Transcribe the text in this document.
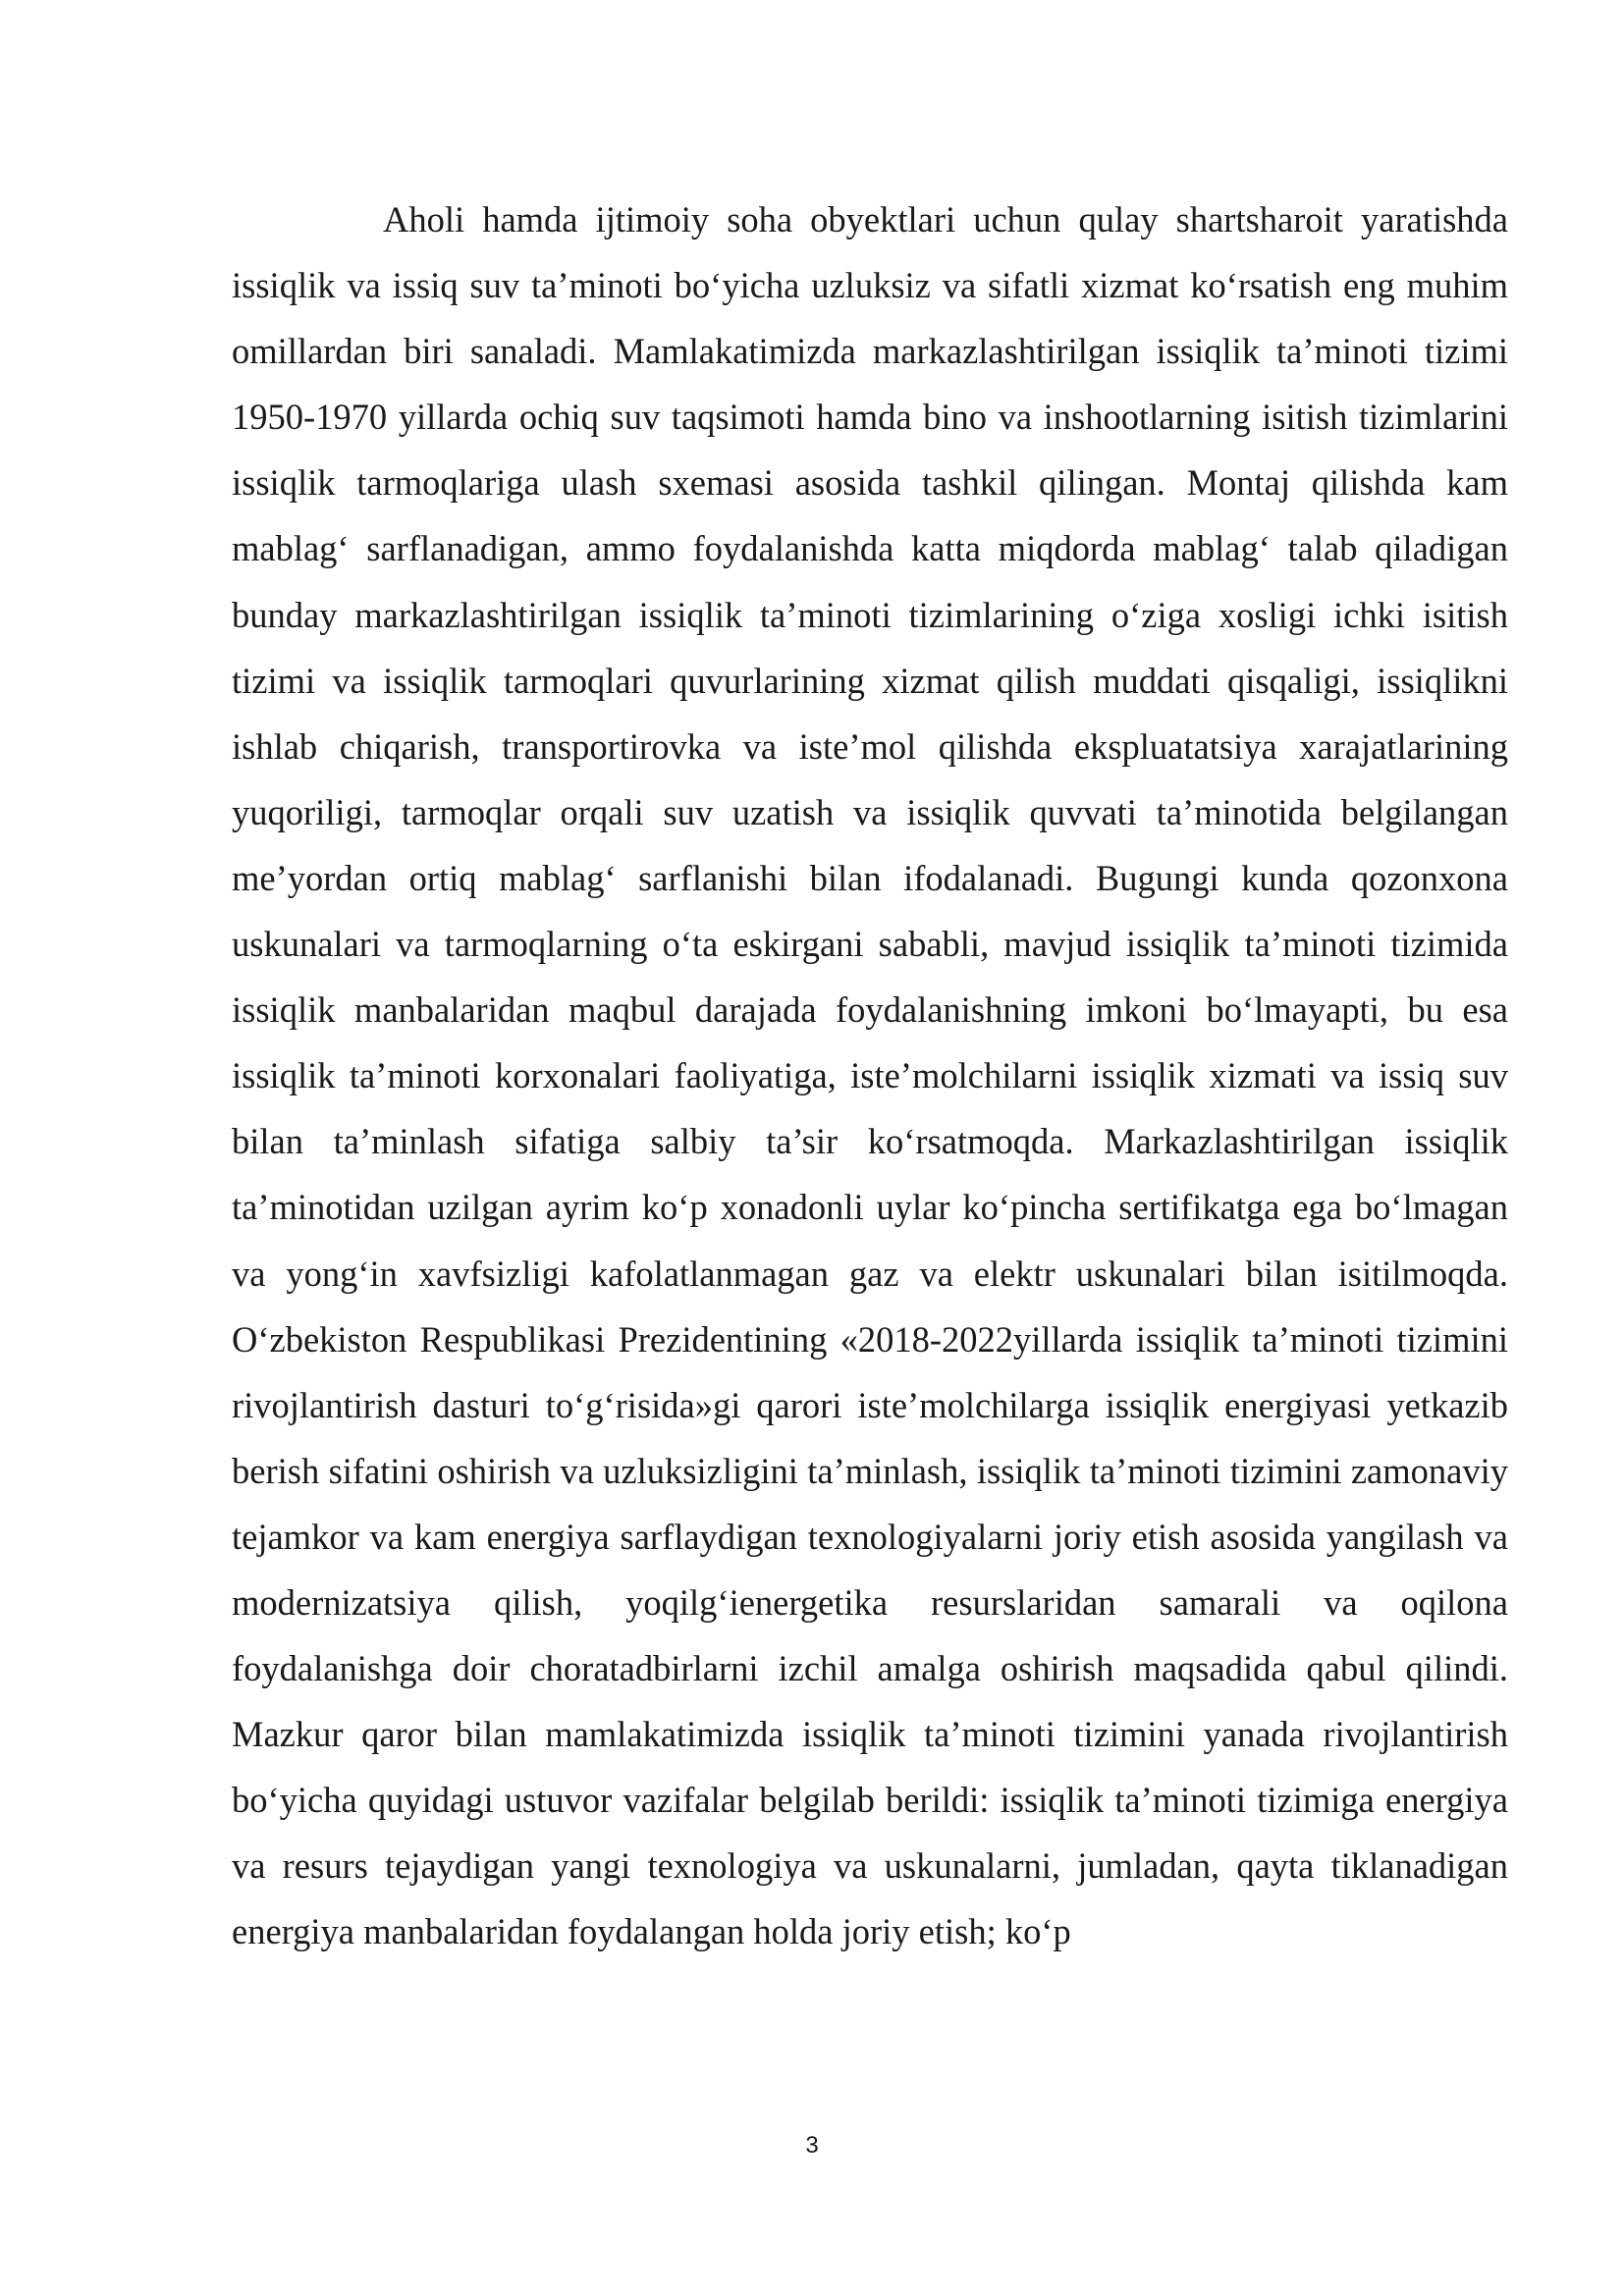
Aholi hamda ijtimoiy soha obyektlari uchun qulay shartsharoit yaratishda issiqlik va issiq suv ta’minoti bo‘yicha uzluksiz va sifatli xizmat ko‘rsatish eng muhim omillardan biri sanaladi. Mamlakatimizda markazlashtirilgan issiqlik ta’minoti tizimi 1950-1970 yillarda ochiq suv taqsimoti hamda bino va inshootlarning isitish tizimlarini issiqlik tarmoqlariga ulash sxemasi asosida tashkil qilingan. Montaj qilishda kam mablag‘ sarflanadigan, ammo foydalanishda katta miqdorda mablag‘ talab qiladigan bunday markazlashtirilgan issiqlik ta’minoti tizimlarining o‘ziga xosligi ichki isitish tizimi va issiqlik tarmoqlari quvurlarining xizmat qilish muddati qisqaligi, issiqlikni ishlab chiqarish, transportirovka va iste’mol qilishda ekspluatatsiya xarajatlarining yuqoriligi, tarmoqlar orqali suv uzatish va issiqlik quvvati ta’minotida belgilangan me’yordan ortiq mablag‘ sarflanishi bilan ifodalanadi. Bugungi kunda qozonxona uskunalari va tarmoqlarning o‘ta eskirgani sababli, mavjud issiqlik ta’minoti tizimida issiqlik manbalaridan maqbul darajada foydalanishning imkoni bo‘lmayapti, bu esa issiqlik ta’minoti korxonalari faoliyatiga, iste’molchilarni issiqlik xizmati va issiq suv bilan ta’minlash sifatiga salbiy ta’sir ko‘rsatmoqda. Markazlashtirilgan issiqlik ta’minotidan uzilgan ayrim ko‘p xonadonli uylar ko‘pincha sertifikatga ega bo‘lmagan va yong‘in xavfsizligi kafolatlanmagan gaz va elektr uskunalari bilan isitilmoqda. O‘zbekiston Respublikasi Prezidentining «2018-2022yillarda issiqlik ta’minoti tizimini rivojlantirish dasturi to‘g‘risida»gi qarori iste’molchilarga issiqlik energiyasi yetkazib berish sifatini oshirish va uzluksizligini ta’minlash, issiqlik ta’minoti tizimini zamonaviy tejamkor va kam energiya sarflaydigan texnologiyalarni joriy etish asosida yangilash va modernizatsiya qilish, yoqilg‘ienergetika resurslaridan samarali va oqilona foydalanishga doir choratadbirlarni izchil amalga oshirish maqsadida qabul qilindi. Mazkur qaror bilan mamlakatimizda issiqlik ta’minoti tizimini yanada rivojlantirish bo‘yicha quyidagi ustuvor vazifalar belgilab berildi: issiqlik ta’minoti tizimiga energiya va resurs tejaydigan yangi texnologiya va uskunalarni, jumladan, qayta tiklanadigan energiya manbalaridan foydalangan holda joriy etish; ko‘p

3
